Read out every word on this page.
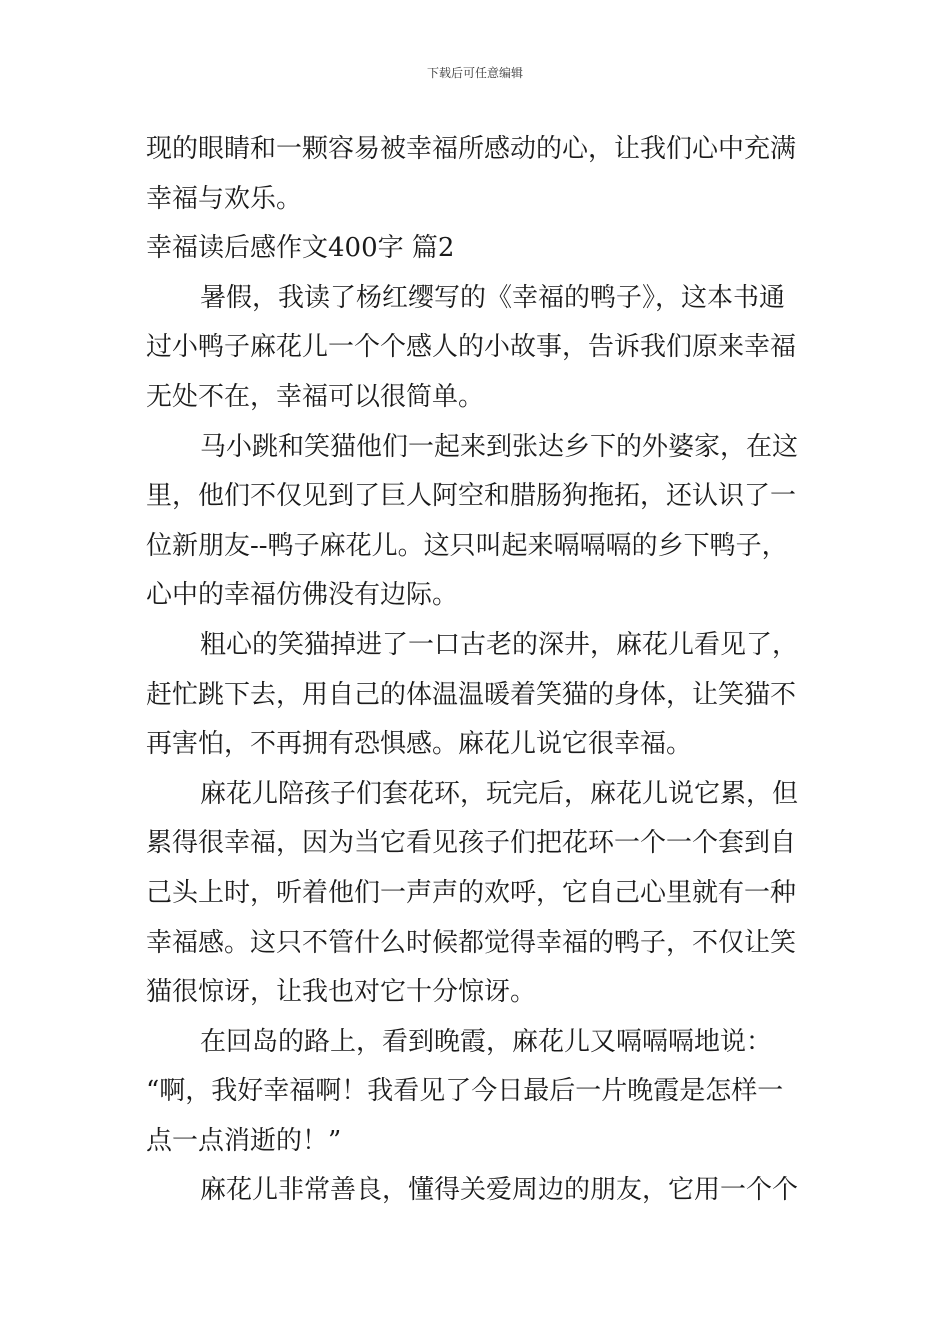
下载后可任意编辑
现的眼睛和一颗容易被幸福所感动的心，让我们心中充满
幸福与欢乐。
幸福读后感作文400字 篇2
暑假，我读了杨红缨写的《幸福的鸭子》，这本书通
过小鸭子麻花儿一个个感人的小故事，告诉我们原来幸福
无处不在，幸福可以很简单。
马小跳和笑猫他们一起来到张达乡下的外婆家，在这
里，他们不仅见到了巨人阿空和腊肠狗拖拓，还认识了一
位新朋友--鸭子麻花儿。这只叫起来嗝嗝嗝的乡下鸭子，
心中的幸福仿佛没有边际。
粗心的笑猫掉进了一口古老的深井，麻花儿看见了，
赶忙跳下去，用自己的体温温暖着笑猫的身体，让笑猫不
再害怕，不再拥有恐惧感。麻花儿说它很幸福。
麻花儿陪孩子们套花环，玩完后，麻花儿说它累，但
累得很幸福，因为当它看见孩子们把花环一个一个套到自
己头上时，听着他们一声声的欢呼，它自己心里就有一种
幸福感。这只不管什么时候都觉得幸福的鸭子，不仅让笑
猫很惊讶，让我也对它十分惊讶。
在回岛的路上，看到晚霞，麻花儿又嗝嗝嗝地说：
“啊，我好幸福啊！我看见了今日最后一片晚霞是怎样一
点一点消逝的！”
麻花儿非常善良，懂得关爱周边的朋友，它用一个个
